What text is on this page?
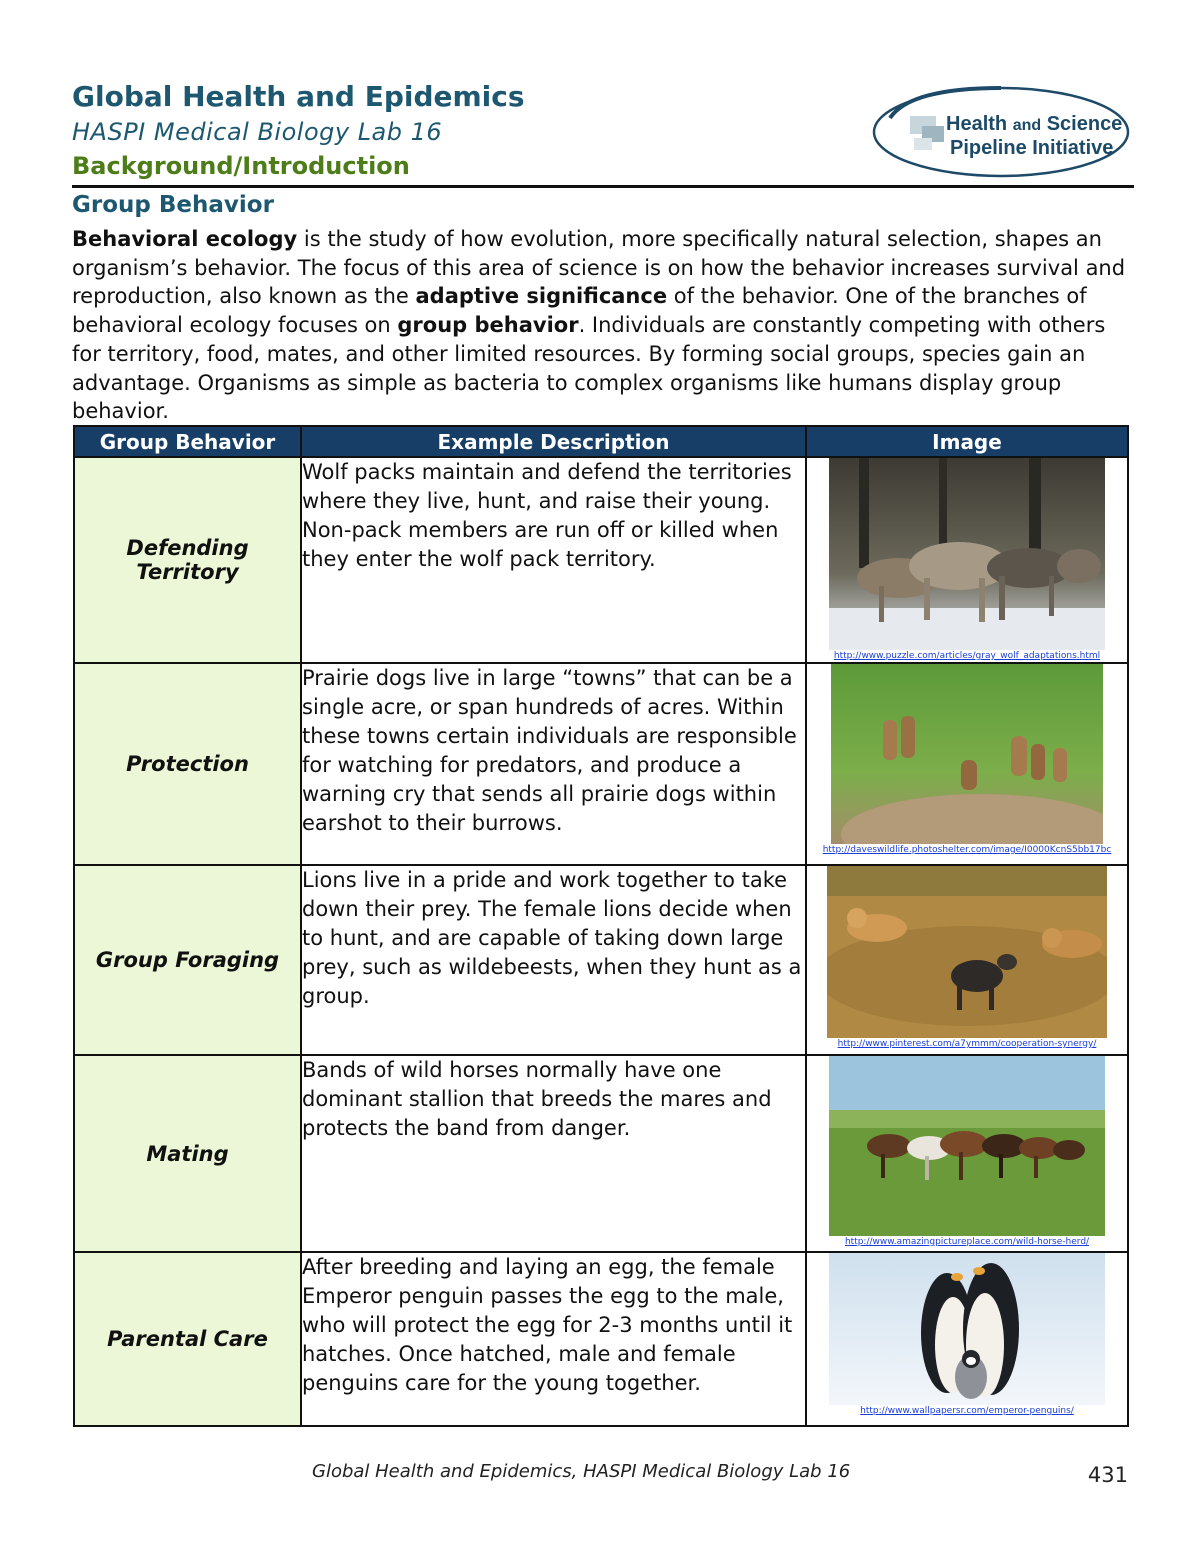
Global Health and Epidemics
HASPI Medical Biology Lab 16
Background/Introduction
Health and Science
Pipeline Initiative
Group Behavior
Behavioral ecology is the study of how evolution, more specifically natural selection, shapes an organism’s behavior. The focus of this area of science is on how the behavior increases survival and reproduction, also known as the adaptive significance of the behavior. One of the branches of behavioral ecology focuses on group behavior. Individuals are constantly competing with others for territory, food, mates, and other limited resources. By forming social groups, species gain an advantage. Organisms as simple as bacteria to complex organisms like humans display group behavior.
Group Behavior	Example Description	Image
Defending Territory	Wolf packs maintain and defend the territories where they live, hunt, and raise their young. Non-pack members are run off or killed when they enter the wolf pack territory.	http://www.puzzle.com/articles/gray_wolf_adaptations.html

Protection	Prairie dogs live in large “towns” that can be a single acre, or span hundreds of acres. Within these towns certain individuals are responsible for watching for predators, and produce a warning cry that sends all prairie dogs within earshot to their burrows.	http://daveswildlife.photoshelter.com/image/I0000KcnS5bb17bc

Group Foraging	Lions live in a pride and work together to take down their prey. The female lions decide when to hunt, and are capable of taking down large prey, such as wildebeests, when they hunt as a group.	http://www.pinterest.com/a7ymmm/cooperation-synergy/

Mating	Bands of wild horses normally have one dominant stallion that breeds the mares and protects the band from danger.	http://www.amazingpictureplace.com/wild-horse-herd/

Parental Care	After breeding and laying an egg, the female Emperor penguin passes the egg to the male, who will protect the egg for 2-3 months until it hatches. Once hatched, male and female penguins care for the young together.	http://www.wallpapersr.com/emperor-penguins/
Global Health and Epidemics, HASPI Medical Biology Lab 16	431
